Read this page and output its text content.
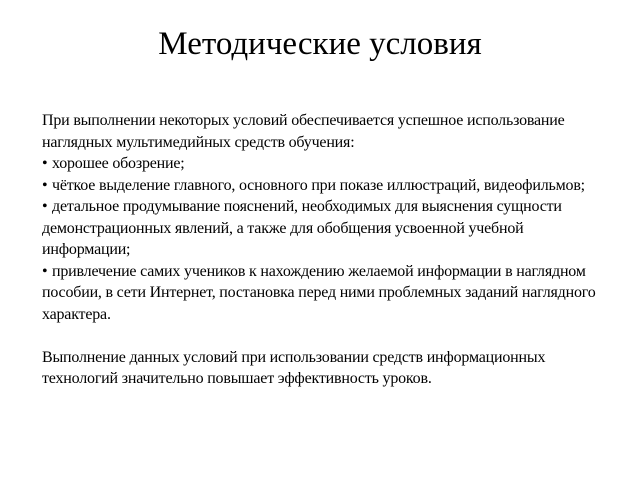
Методические условия

При выполнении некоторых условий обеспечивается успешное использование наглядных мультимедийных средств обучения:

• хорошее обозрение;
• чёткое выделение главного, основного при показе иллюстраций, видеофильмов;
• детальное продумывание пояснений, необходимых для выяснения сущности демонстрационных явлений, а также для обобщения усвоенной учебной информации;
• привлечение самих учеников к нахождению желаемой информации в наглядном пособии, в сети Интернет, постановка перед ними проблемных заданий наглядного характера.

Выполнение данных условий при использовании средств информационных технологий значительно повышает эффективность уроков.
